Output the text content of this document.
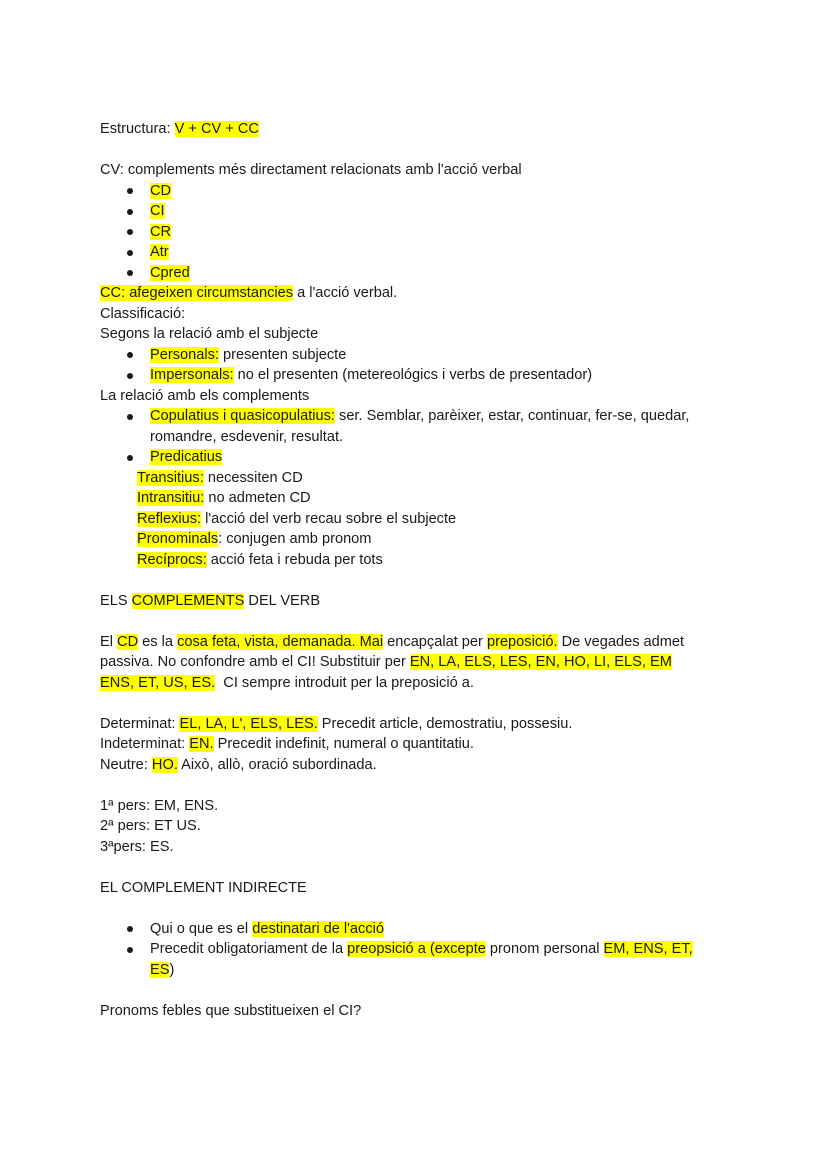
Estructura: V + CV + CC
CV: complements més directament relacionats amb l'acció verbal
CD
CI
CR
Atr
Cpred
CC: afegeixen circumstancies a l'acció verbal.
Classificació:
Segons la relació amb el subjecte
Personals: presenten subjecte
Impersonals: no el presenten (metereológics i verbs de presentador)
La relació amb els complements
Copulatius i quasicopulatius: ser. Semblar, parèixer, estar, continuar, fer-se, quedar,
romandre, esdevenir, resultat.
Predicatius
Transitius: necessiten CD
Intransitiu: no admeten CD
Reflexius: l'acció del verb recau sobre el subjecte
Pronominals: conjugen amb pronom
Recíprocs: acció feta i rebuda per tots
ELS COMPLEMENTS DEL VERB
El CD es la cosa feta, vista, demanada. Mai encapçalat per preposició. De vegades admet
passiva. No confondre amb el CI! Substituir per EN, LA, ELS, LES, EN, HO, LI, ELS, EM
ENS, ET, US, ES.  CI sempre introduit per la preposició a.
Determinat: EL, LA, L', ELS, LES. Precedit article, demostratiu, possesiu.
Indeterminat: EN. Precedit indefinit, numeral o quantitatiu.
Neutre: HO. Això, allò, oració subordinada.
1ª pers: EM, ENS.
2ª pers: ET US.
3ªpers: ES.
EL COMPLEMENT INDIRECTE
Qui o que es el destinatari de l'acció
Precedit obligatoriament de la preopsició a (excepte pronom personal EM, ENS, ET,
ES)
Pronoms febles que substitueixen el CI?
